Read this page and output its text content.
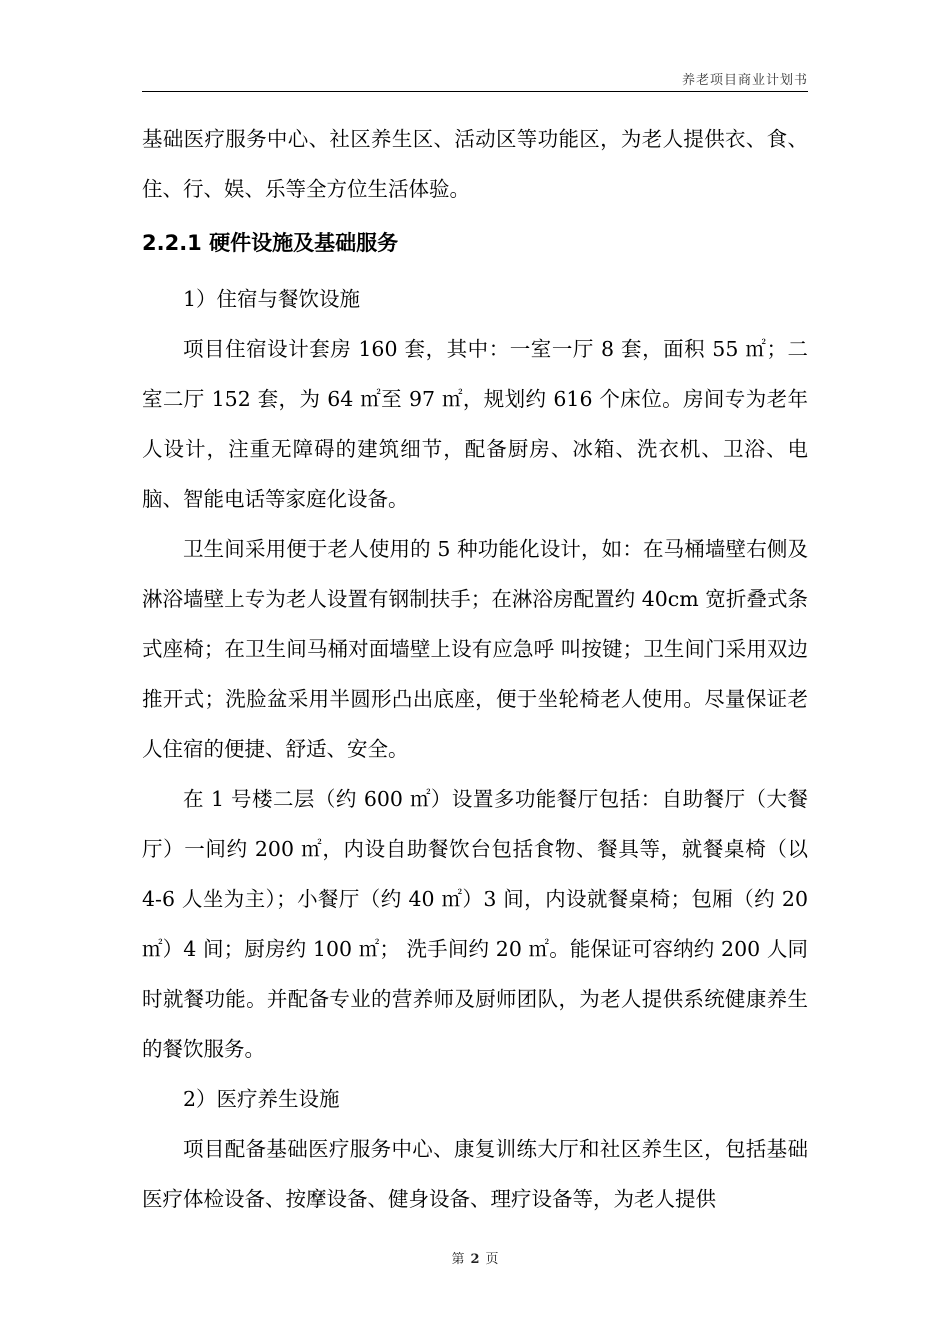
养老项目商业计划书

基础医疗服务中心、社区养生区、活动区等功能区，为老人提供衣、食、住、行、娱、乐等全方位生活体验。

2.2.1 硬件设施及基础服务

1）住宿与餐饮设施

项目住宿设计套房 160 套，其中：一室一厅 8 套，面积 55 ㎡；二室二厅 152 套，为 64 ㎡至 97 ㎡，规划约 616 个床位。房间专为老年人设计，注重无障碍的建筑细节，配备厨房、冰箱、洗衣机、卫浴、电脑、智能电话等家庭化设备。

卫生间采用便于老人使用的 5 种功能化设计，如：在马桶墙壁右侧及淋浴墙壁上专为老人设置有钢制扶手；在淋浴房配置约 40cm 宽折叠式条式座椅；在卫生间马桶对面墙壁上设有应急呼 叫按键；卫生间门采用双边推开式；洗脸盆采用半圆形凸出底座，便于坐轮椅老人使用。尽量保证老人住宿的便捷、舒适、安全。

在 1 号楼二层（约 600 ㎡）设置多功能餐厅包括：自助餐厅（大餐厅）一间约 200 ㎡，内设自助餐饮台包括食物、餐具等，就餐桌椅（以 4-6 人坐为主）；小餐厅（约 40 ㎡）3 间，内设就餐桌椅；包厢（约 20 ㎡）4 间；厨房约 100 ㎡； 洗手间约 20 ㎡。能保证可容纳约 200 人同时就餐功能。并配备专业的营养师及厨师团队，为老人提供系统健康养生的餐饮服务。

2）医疗养生设施

项目配备基础医疗服务中心、康复训练大厅和社区养生区，包括基础医疗体检设备、按摩设备、健身设备、理疗设备等，为老人提供

第 2 页
